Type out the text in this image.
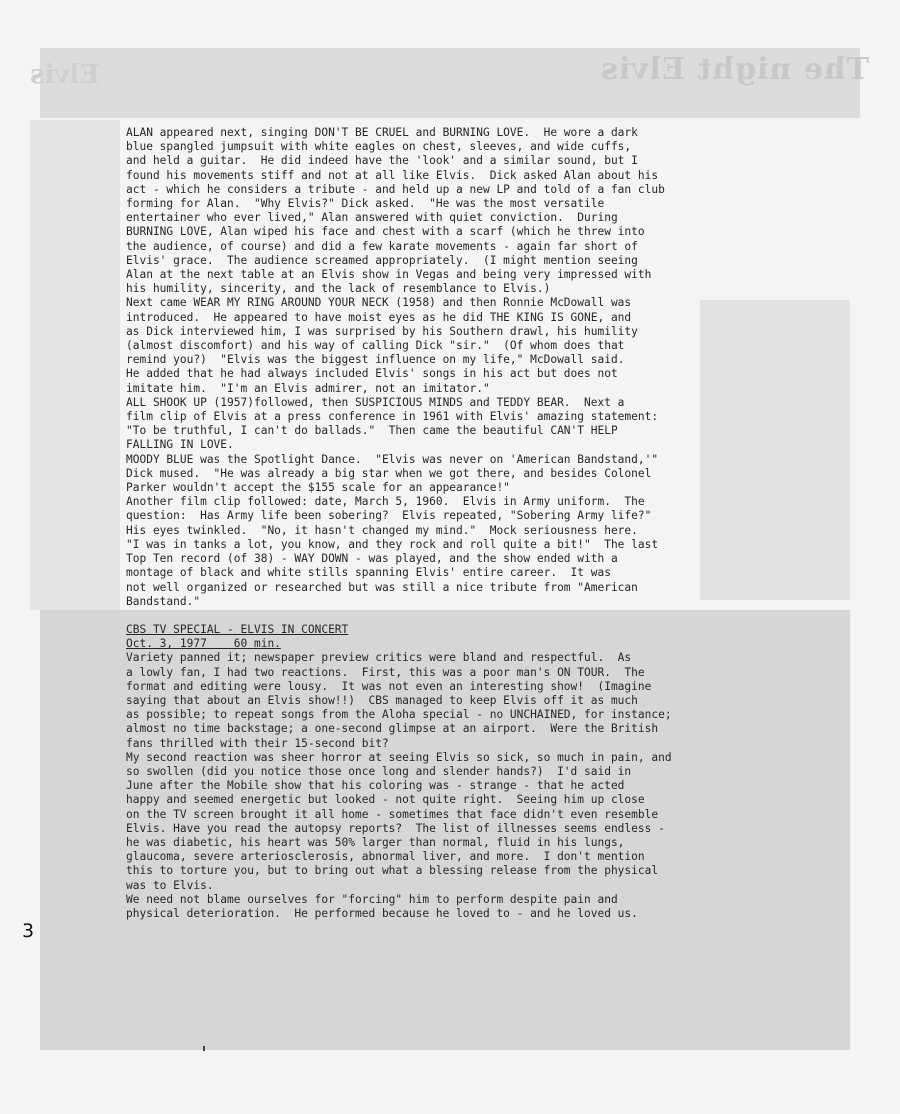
The night Elvis
Elvis

ALAN appeared next, singing DON'T BE CRUEL and BURNING LOVE.  He wore a dark
blue spangled jumpsuit with white eagles on chest, sleeves, and wide cuffs,
and held a guitar.  He did indeed have the 'look' and a similar sound, but I
found his movements stiff and not at all like Elvis.  Dick asked Alan about his
act - which he considers a tribute - and held up a new LP and told of a fan club
forming for Alan.  "Why Elvis?" Dick asked.  "He was the most versatile
entertainer who ever lived," Alan answered with quiet conviction.  During
BURNING LOVE, Alan wiped his face and chest with a scarf (which he threw into
the audience, of course) and did a few karate movements - again far short of
Elvis' grace.  The audience screamed appropriately.  (I might mention seeing
Alan at the next table at an Elvis show in Vegas and being very impressed with
his humility, sincerity, and the lack of resemblance to Elvis.)

Next came WEAR MY RING AROUND YOUR NECK (1958) and then Ronnie McDowall was
introduced.  He appeared to have moist eyes as he did THE KING IS GONE, and
as Dick interviewed him, I was surprised by his Southern drawl, his humility
(almost discomfort) and his way of calling Dick "sir."  (Of whom does that
remind you?)  "Elvis was the biggest influence on my life," McDowall said.
He added that he had always included Elvis' songs in his act but does not
imitate him.  "I'm an Elvis admirer, not an imitator."

ALL SHOOK UP (1957)followed, then SUSPICIOUS MINDS and TEDDY BEAR.  Next a
film clip of Elvis at a press conference in 1961 with Elvis' amazing statement:
"To be truthful, I can't do ballads."  Then came the beautiful CAN'T HELP
FALLING IN LOVE.

MOODY BLUE was the Spotlight Dance.  "Elvis was never on 'American Bandstand,'"
Dick mused.  "He was already a big star when we got there, and besides Colonel
Parker wouldn't accept the $155 scale for an appearance!"

Another film clip followed: date, March 5, 1960.  Elvis in Army uniform.  The
question:  Has Army life been sobering?  Elvis repeated, "Sobering Army life?"
His eyes twinkled.  "No, it hasn't changed my mind."  Mock seriousness here.
"I was in tanks a lot, you know, and they rock and roll quite a bit!"  The last
Top Ten record (of 38) - WAY DOWN - was played, and the show ended with a
montage of black and white stills spanning Elvis' entire career.  It was
not well organized or researched but was still a nice tribute from "American
Bandstand."

CBS TV SPECIAL - ELVIS IN CONCERT

Oct. 3, 1977    60 min.

Variety panned it; newspaper preview critics were bland and respectful.  As
a lowly fan, I had two reactions.  First, this was a poor man's ON TOUR.  The
format and editing were lousy.  It was not even an interesting show!  (Imagine
saying that about an Elvis show!!)  CBS managed to keep Elvis off it as much
as possible; to repeat songs from the Aloha special - no UNCHAINED, for instance;
almost no time backstage; a one-second glimpse at an airport.  Were the British
fans thrilled with their 15-second bit?

My second reaction was sheer horror at seeing Elvis so sick, so much in pain, and
so swollen (did you notice those once long and slender hands?)  I'd said in
June after the Mobile show that his coloring was - strange - that he acted
happy and seemed energetic but looked - not quite right.  Seeing him up close
on the TV screen brought it all home - sometimes that face didn't even resemble
Elvis. Have you read the autopsy reports?  The list of illnesses seems endless -
he was diabetic, his heart was 50% larger than normal, fluid in his lungs,
glaucoma, severe arteriosclerosis, abnormal liver, and more.  I don't mention
this to torture you, but to bring out what a blessing release from the physical
was to Elvis.

We need not blame ourselves for "forcing" him to perform despite pain and
physical deterioration.  He performed because he loved to - and he loved us.

3
